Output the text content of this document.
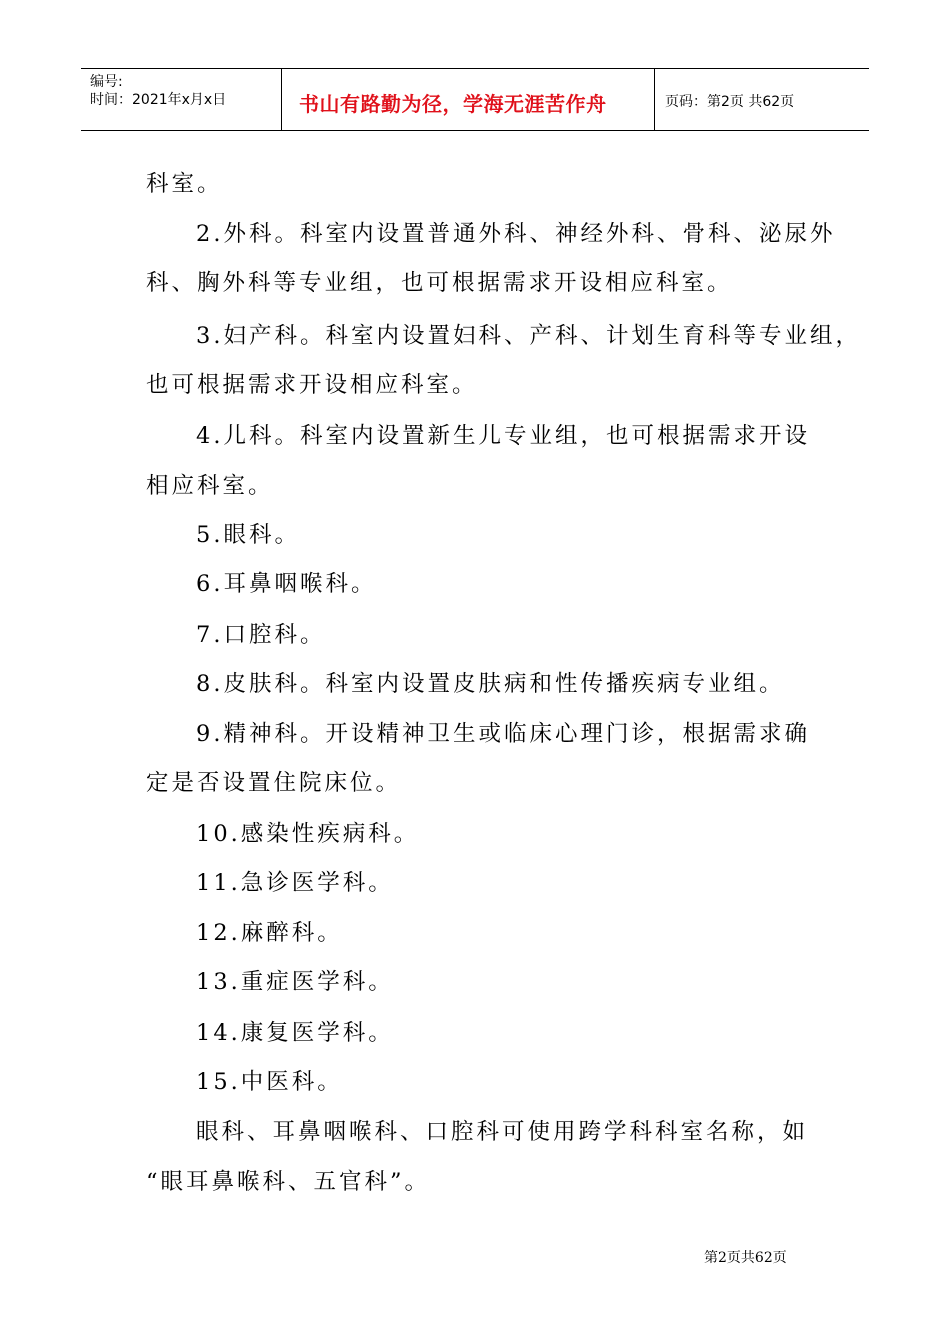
编号:
时间：2021年x月x日	书山有路勤为径，学海无涯苦作舟	页码：第2页 共62页
科室。
2.外科。科室内设置普通外科、神经外科、骨科、泌尿外
科、胸外科等专业组，也可根据需求开设相应科室。
3.妇产科。科室内设置妇科、产科、计划生育科等专业组，
也可根据需求开设相应科室。
4.儿科。科室内设置新生儿专业组，也可根据需求开设
相应科室。
5.眼科。
6.耳鼻咽喉科。
7.口腔科。
8.皮肤科。科室内设置皮肤病和性传播疾病专业组。
9.精神科。开设精神卫生或临床心理门诊，根据需求确
定是否设置住院床位。
10.感染性疾病科。
11.急诊医学科。
12.麻醉科。
13.重症医学科。
14.康复医学科。
15.中医科。
眼科、耳鼻咽喉科、口腔科可使用跨学科科室名称，如
“眼耳鼻喉科、五官科”。
第2页共62页
